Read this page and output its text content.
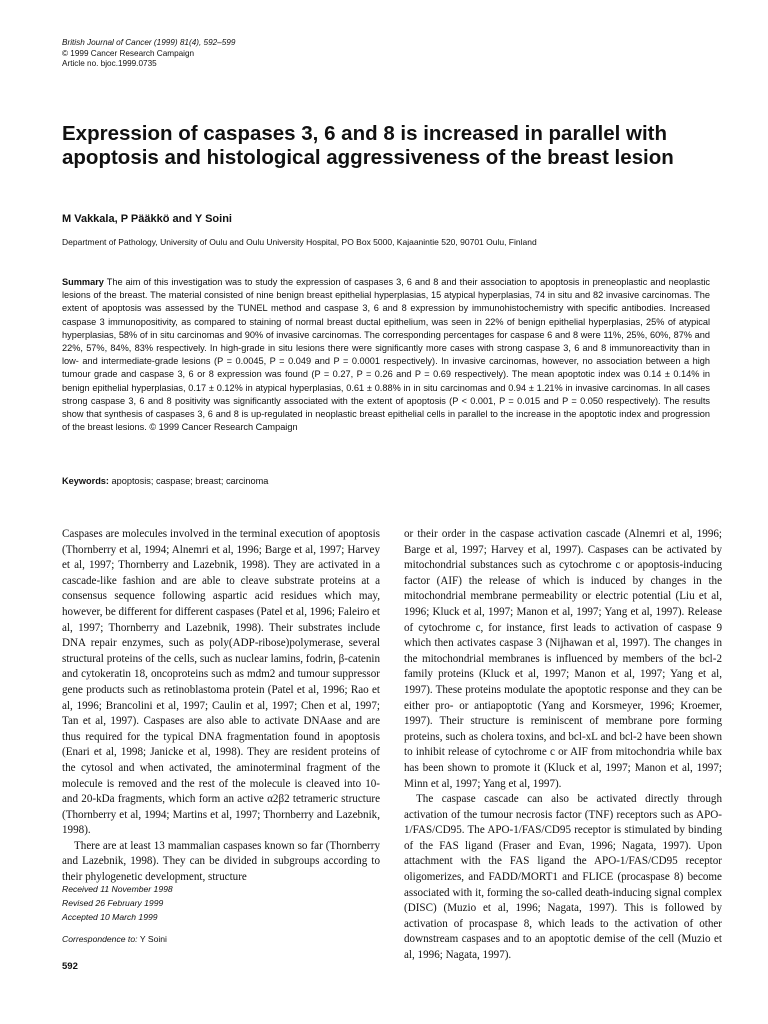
British Journal of Cancer (1999) 81(4), 592–599
© 1999 Cancer Research Campaign
Article no. bjoc.1999.0735
Expression of caspases 3, 6 and 8 is increased in parallel with apoptosis and histological aggressiveness of the breast lesion
M Vakkala, P Pääkkö and Y Soini
Department of Pathology, University of Oulu and Oulu University Hospital, PO Box 5000, Kajaanintie 520, 90701 Oulu, Finland
Summary The aim of this investigation was to study the expression of caspases 3, 6 and 8 and their association to apoptosis in preneoplastic and neoplastic lesions of the breast. The material consisted of nine benign breast epithelial hyperplasias, 15 atypical hyperplasias, 74 in situ and 82 invasive carcinomas. The extent of apoptosis was assessed by the TUNEL method and caspase 3, 6 and 8 expression by immunohistochemistry with specific antibodies. Increased caspase 3 immunopositivity, as compared to staining of normal breast ductal epithelium, was seen in 22% of benign epithelial hyperplasias, 25% of atypical hyperplasias, 58% of in situ carcinomas and 90% of invasive carcinomas. The corresponding percentages for caspase 6 and 8 were 11%, 25%, 60%, 87% and 22%, 57%, 84%, 83% respectively. In high-grade in situ lesions there were significantly more cases with strong caspase 3, 6 and 8 immunoreactivity than in low- and intermediate-grade lesions (P = 0.0045, P = 0.049 and P = 0.0001 respectively). In invasive carcinomas, however, no association between a high tumour grade and caspase 3, 6 or 8 expression was found (P = 0.27, P = 0.26 and P = 0.69 respectively). The mean apoptotic index was 0.14 ± 0.14% in benign epithelial hyperplasias, 0.17 ± 0.12% in atypical hyperplasias, 0.61 ± 0.88% in in situ carcinomas and 0.94 ± 1.21% in invasive carcinomas. In all cases strong caspase 3, 6 and 8 positivity was significantly associated with the extent of apoptosis (P < 0.001, P = 0.015 and P = 0.050 respectively). The results show that synthesis of caspases 3, 6 and 8 is up-regulated in neoplastic breast epithelial cells in parallel to the increase in the apoptotic index and progression of the breast lesions. © 1999 Cancer Research Campaign
Keywords: apoptosis; caspase; breast; carcinoma

Caspases are molecules involved in the terminal execution of apoptosis (Thornberry et al, 1994; Alnemri et al, 1996; Barge et al, 1997; Harvey et al, 1997; Thornberry and Lazebnik, 1998). They are activated in a cascade-like fashion and are able to cleave substrate proteins at a consensus sequence following aspartic acid residues which may, however, be different for different caspases (Patel et al, 1996; Faleiro et al, 1997; Thornberry and Lazebnik, 1998). Their substrates include DNA repair enzymes, such as poly(ADP-ribose)polymerase, several structural proteins of the cells, such as nuclear lamins, fodrin, β-catenin and cytokeratin 18, oncoproteins such as mdm2 and tumour suppressor gene products such as retinoblastoma protein (Patel et al, 1996; Rao et al, 1996; Brancolini et al, 1997; Caulin et al, 1997; Chen et al, 1997; Tan et al, 1997). Caspases are also able to activate DNAase and are thus required for the typical DNA fragmentation found in apoptosis (Enari et al, 1998; Janicke et al, 1998). They are resident proteins of the cytosol and when activated, the aminoterminal fragment of the molecule is removed and the rest of the molecule is cleaved into 10- and 20-kDa fragments, which form an active α2β2 tetrameric structure (Thornberry et al, 1994; Martins et al, 1997; Thornberry and Lazebnik, 1998).

There are at least 13 mammalian caspases known so far (Thornberry and Lazebnik, 1998). They can be divided in subgroups according to their phylogenetic development, structure

or their order in the caspase activation cascade (Alnemri et al, 1996; Barge et al, 1997; Harvey et al, 1997). Caspases can be activated by mitochondrial substances such as cytochrome c or apoptosis-inducing factor (AIF) the release of which is induced by changes in the mitochondrial membrane permeability or electric potential (Liu et al, 1996; Kluck et al, 1997; Manon et al, 1997; Yang et al, 1997). Release of cytochrome c, for instance, first leads to activation of caspase 9 which then activates caspase 3 (Nijhawan et al, 1997). The changes in the mitochondrial membranes is influenced by members of the bcl-2 family proteins (Kluck et al, 1997; Manon et al, 1997; Yang et al, 1997). These proteins modulate the apoptotic response and they can be either pro- or antiapoptotic (Yang and Korsmeyer, 1996; Kroemer, 1997). Their structure is reminiscent of membrane pore forming proteins, such as cholera toxins, and bcl-xL and bcl-2 have been shown to inhibit release of cytochrome c or AIF from mitochondria while bax has been shown to promote it (Kluck et al, 1997; Manon et al, 1997; Minn et al, 1997; Yang et al, 1997).

The caspase cascade can also be activated directly through activation of the tumour necrosis factor (TNF) receptors such as APO-1/FAS/CD95. The APO-1/FAS/CD95 receptor is stimulated by binding of the FAS ligand (Fraser and Evan, 1996; Nagata, 1997). Upon attachment with the FAS ligand the APO-1/FAS/CD95 receptor oligomerizes, and FADD/MORT1 and FLICE (procaspase 8) become associated with it, forming the so-called death-inducing signal complex (DISC) (Muzio et al, 1996; Nagata, 1997). This is followed by activation of procaspase 8, which leads to the activation of other downstream caspases and to an apoptotic demise of the cell (Muzio et al, 1996; Nagata, 1997).

Received 11 November 1998
Revised 26 February 1999
Accepted 10 March 1999
Correspondence to: Y Soini
592
